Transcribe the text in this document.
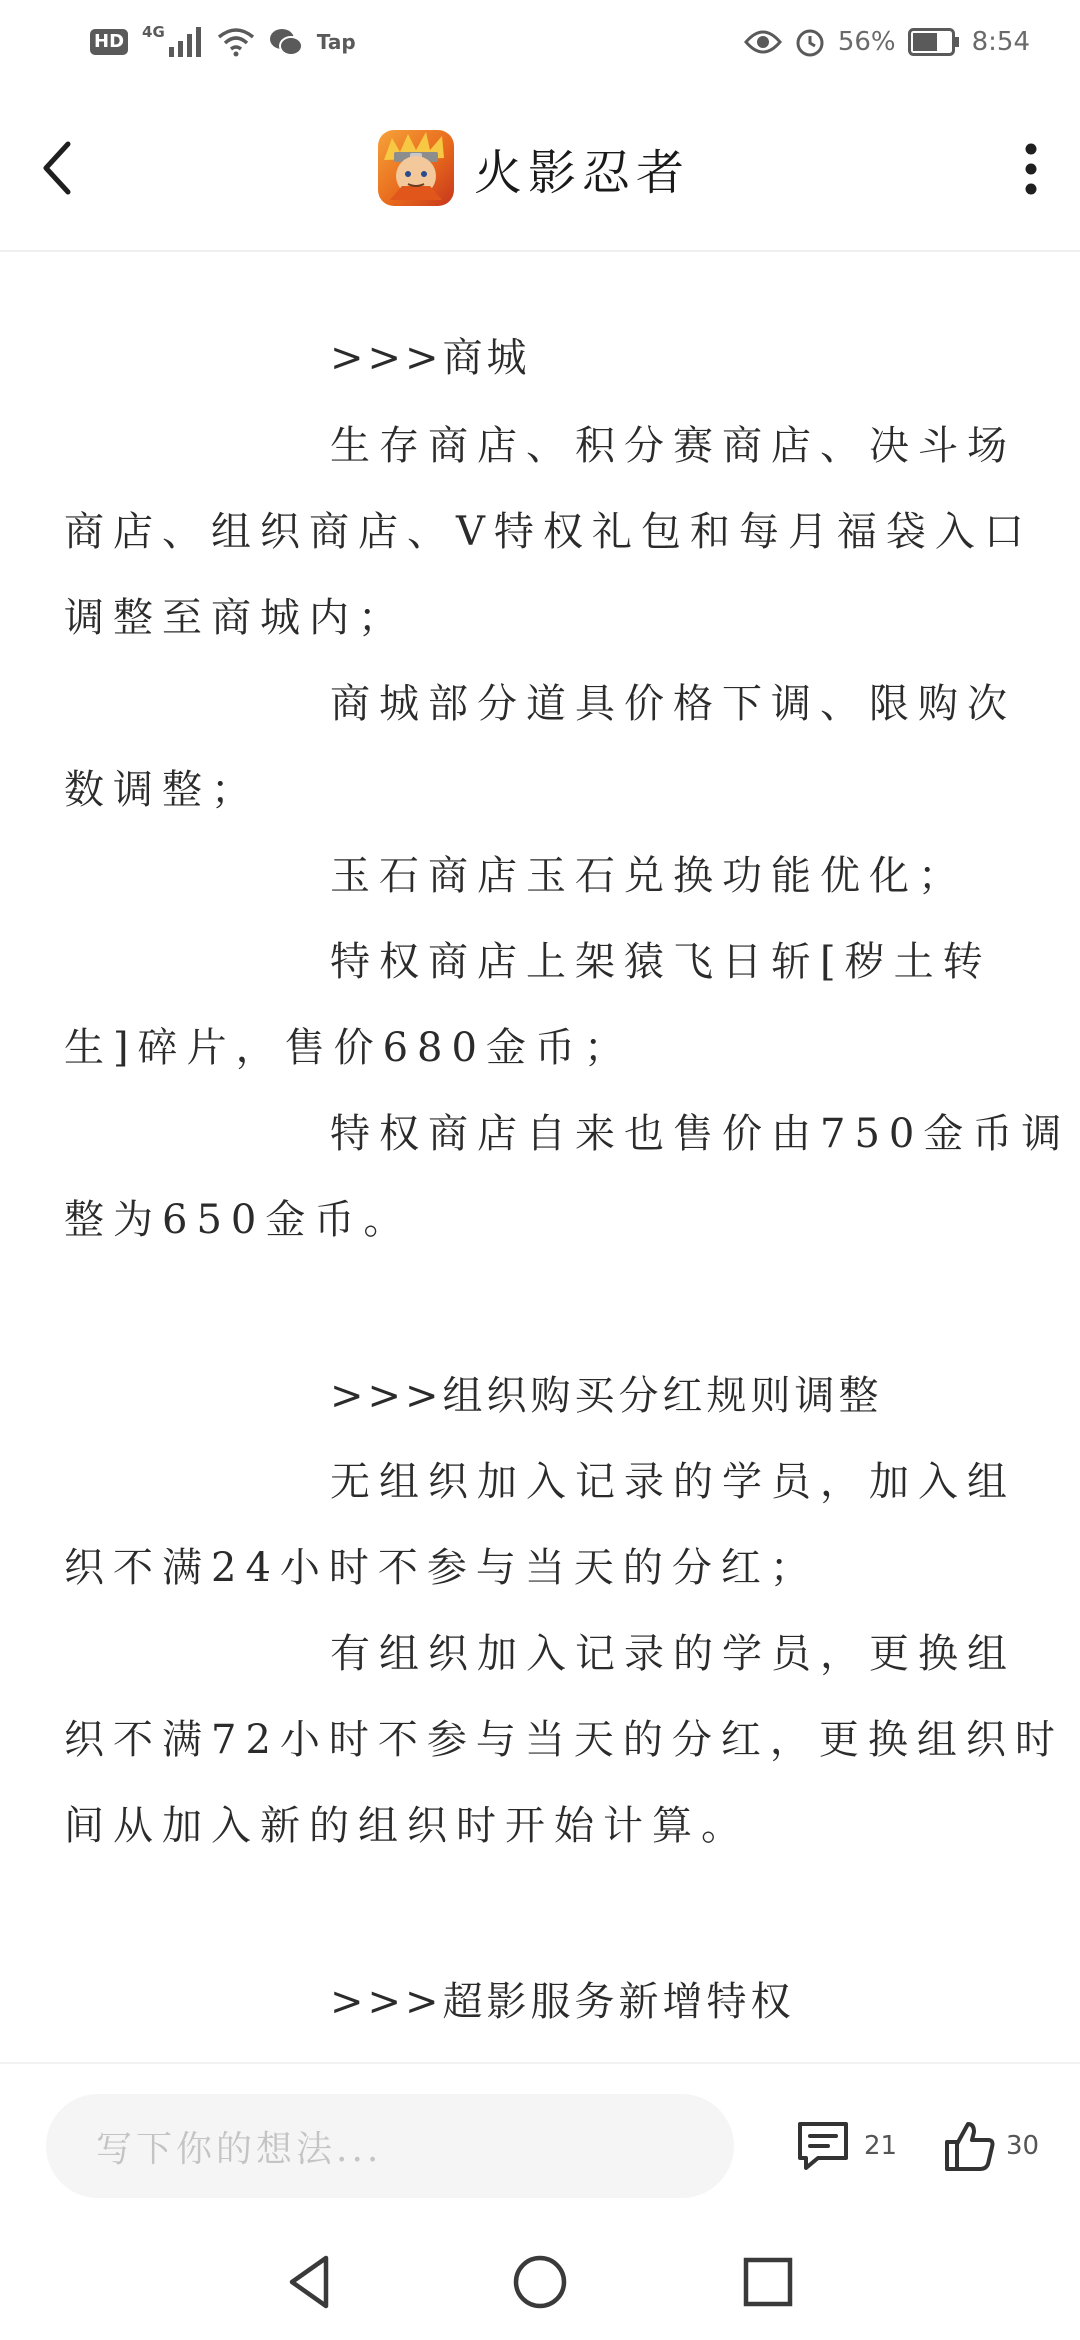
HD 4G	Tap	56%	8:54
火影忍者
>>>商城
生存商店、积分赛商店、决斗场
商店、组织商店、V特权礼包和每月福袋入口
调整至商城内；
商城部分道具价格下调、限购次
数调整；
玉石商店玉石兑换功能优化；
特权商店上架猿飞日斩[秽土转
生]碎片，售价680金币；
特权商店自来也售价由750金币调
整为650金币。
>>>组织购买分红规则调整
无组织加入记录的学员，加入组
织不满24小时不参与当天的分红；
有组织加入记录的学员，更换组
织不满72小时不参与当天的分红，更换组织时
间从加入新的组织时开始计算。
>>>超影服务新增特权
写下你的想法...	21	30
